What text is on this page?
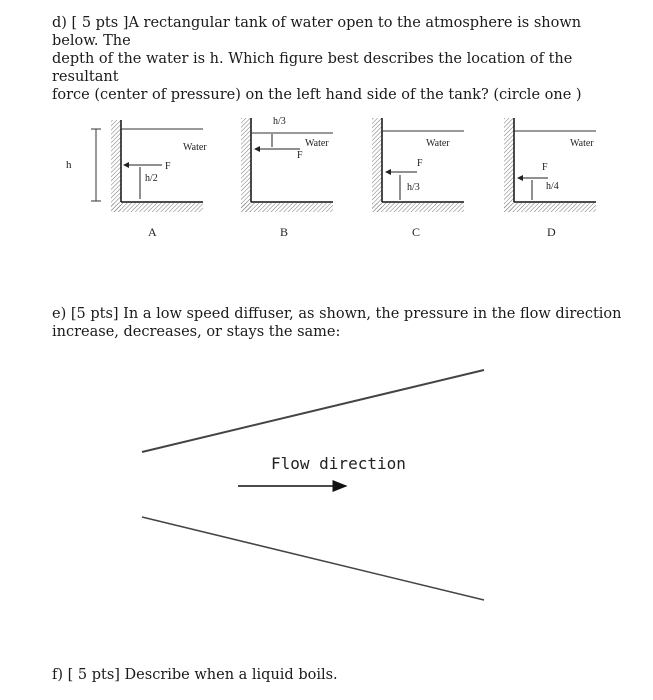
d) [ 5 pts ]A rectangular tank of water open to the atmosphere is shown below. The

depth of the water is h. Which figure best describes the location of the resultant

force (center of pressure) on the left hand side of the tank? (circle one )

h
Water
F
h/2
A
h/3
F
Water
B
Water
F
h/3
C
Water
F
h/4
D

e) [5 pts] In a low speed diffuser, as shown, the pressure in the flow direction

increase, decreases, or stays the same:

Flow direction

f) [ 5 pts] Describe when a liquid boils.
